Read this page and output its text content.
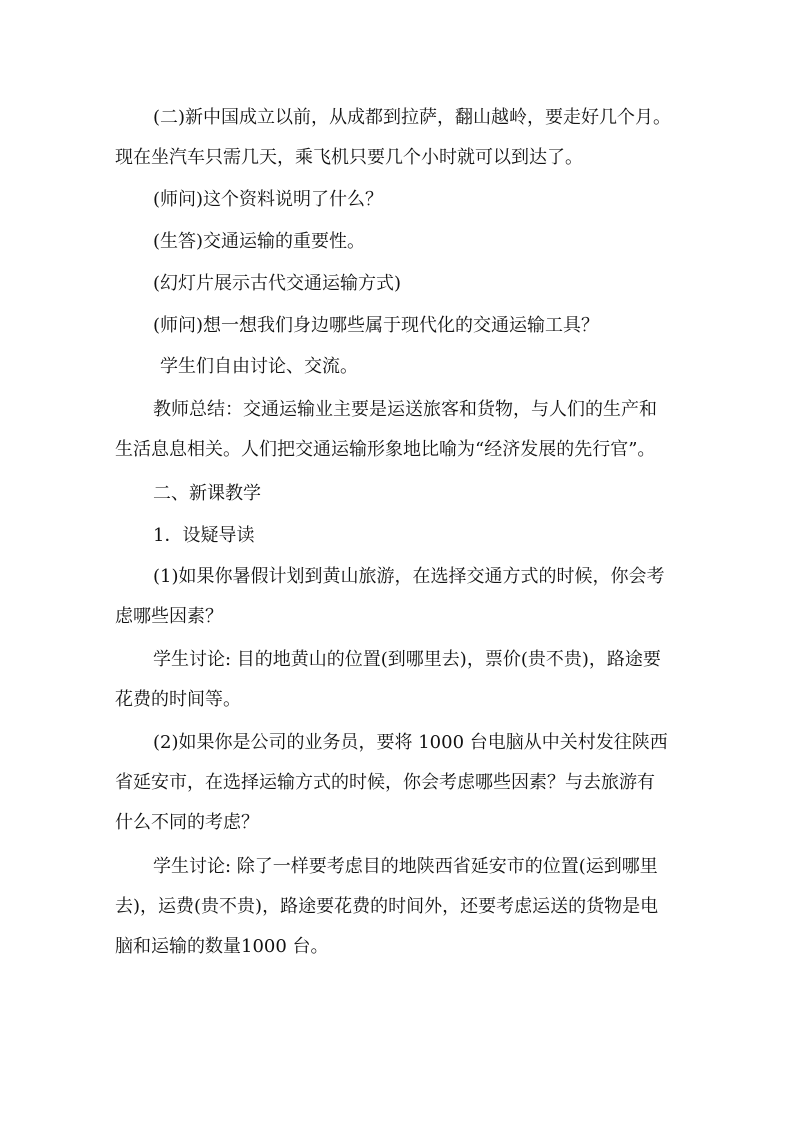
(二)新中国成立以前，从成都到拉萨，翻山越岭，要走好几个月。
现在坐汽车只需几天，乘飞机只要几个小时就可以到达了。
(师问)这个资料说明了什么？
(生答)交通运输的重要性。
(幻灯片展示古代交通运输方式)
(师问)想一想我们身边哪些属于现代化的交通运输工具？
学生们自由讨论、交流。
教师总结：交通运输业主要是运送旅客和货物，与人们的生产和
生活息息相关。人们把交通运输形象地比喻为“经济发展的先行官”。
二、新课教学
1．设疑导读
(1)如果你暑假计划到黄山旅游，在选择交通方式的时候，你会考
虑哪些因素？
学生讨论: 目的地黄山的位置(到哪里去)，票价(贵不贵)，路途要
花费的时间等。
(2)如果你是公司的业务员，要将 1000 台电脑从中关村发往陕西
省延安市，在选择运输方式的时候，你会考虑哪些因素？与去旅游有
什么不同的考虑？
学生讨论: 除了一样要考虑目的地陕西省延安市的位置(运到哪里
去)，运费(贵不贵)，路途要花费的时间外，还要考虑运送的货物是电
脑和运输的数量1000 台。
